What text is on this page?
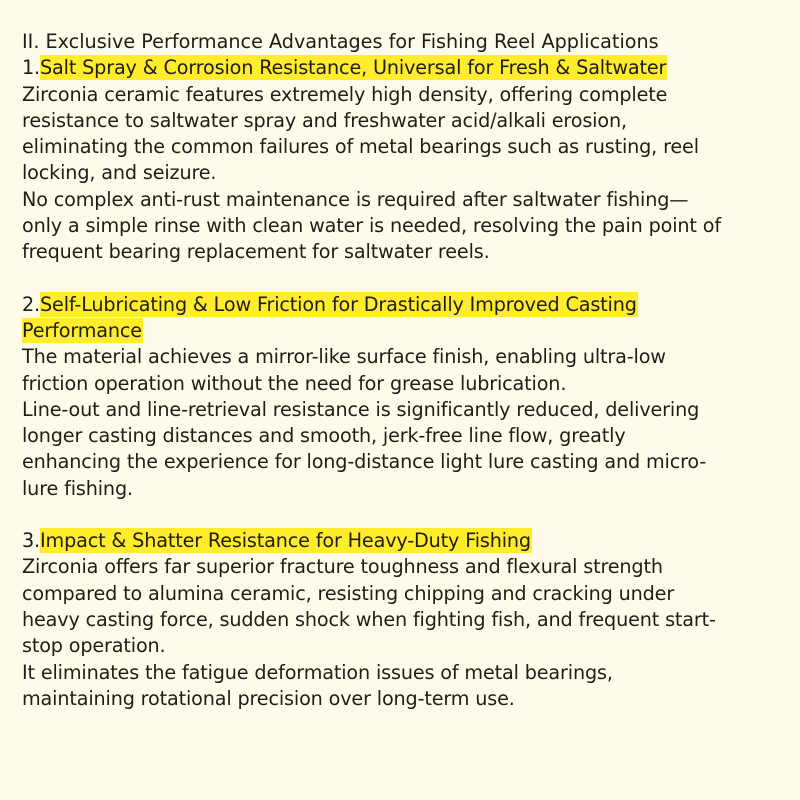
II. Exclusive Performance Advantages for Fishing Reel Applications
1.Salt Spray & Corrosion Resistance, Universal for Fresh & Saltwater
Zirconia ceramic features extremely high density, offering complete
resistance to saltwater spray and freshwater acid/alkali erosion,
eliminating the common failures of metal bearings such as rusting, reel
locking, and seizure.
No complex anti-rust maintenance is required after saltwater fishing—
only a simple rinse with clean water is needed, resolving the pain point of
frequent bearing replacement for saltwater reels.
2.Self-Lubricating & Low Friction for Drastically Improved Casting
Performance
The material achieves a mirror-like surface finish, enabling ultra-low
friction operation without the need for grease lubrication.
Line-out and line-retrieval resistance is significantly reduced, delivering
longer casting distances and smooth, jerk-free line flow, greatly
enhancing the experience for long-distance light lure casting and micro-
lure fishing.
3.Impact & Shatter Resistance for Heavy-Duty Fishing
Zirconia offers far superior fracture toughness and flexural strength
compared to alumina ceramic, resisting chipping and cracking under
heavy casting force, sudden shock when fighting fish, and frequent start-
stop operation.
It eliminates the fatigue deformation issues of metal bearings,
maintaining rotational precision over long-term use.
